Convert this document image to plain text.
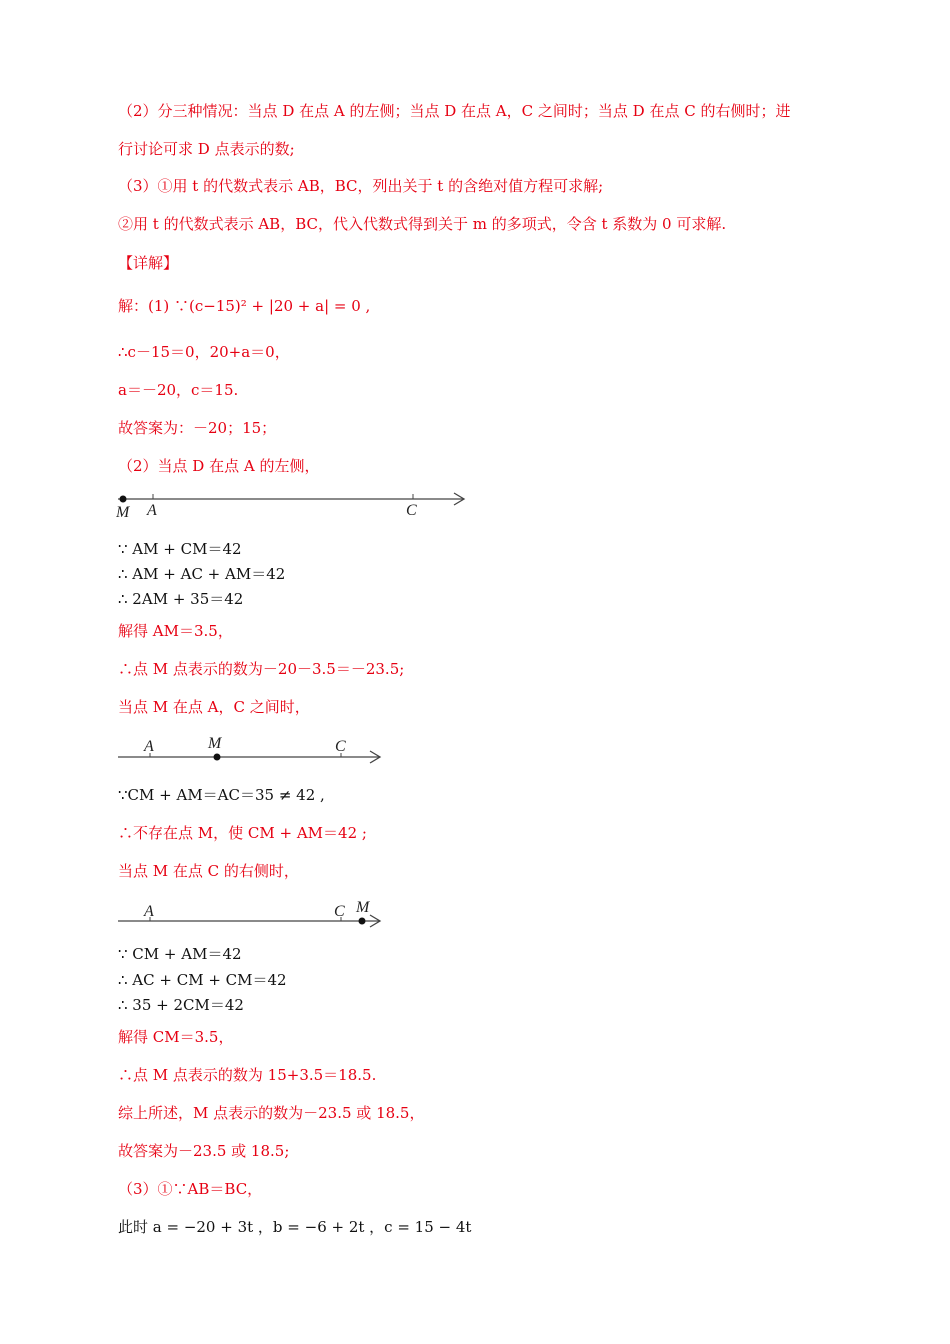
（2）分三种情况：当点 D 在点 A 的左侧；当点 D 在点 A，C 之间时；当点 D 在点 C 的右侧时；进
行讨论可求 D 点表示的数;
（3）①用 t 的代数式表示 AB，BC，列出关于 t 的含绝对值方程可求解;
②用 t 的代数式表示 AB，BC，代入代数式得到关于 m 的多项式，令含 t 系数为 0 可求解.
【详解】
解：(1) ∵(c−15)² + |20 + a| = 0 ,
∴c－15＝0，20+a＝0，
a＝－20，c＝15.
故答案为：－20；15；
（2）当点 D 在点 A 的左侧，
M A	C
∵ AM + CM＝42
∴ AM + AC + AM＝42
∴ 2AM + 35＝42
解得 AM＝3.5，
∴点 M 点表示的数为－20－3.5＝－23.5;
当点 M 在点 A，C 之间时，
A	M	C
∵CM + AM＝AC＝35 ≠ 42 ,
∴不存在点 M，使 CM + AM＝42 ;
当点 M 在点 C 的右侧时，
A	C M
∵ CM + AM＝42
∴ AC + CM + CM＝42
∴ 35 + 2CM＝42
解得 CM＝3.5，
∴点 M 点表示的数为 15+3.5＝18.5.
综上所述，M 点表示的数为－23.5 或 18.5，
故答案为－23.5 或 18.5;
（3）①∵AB＝BC，
此时 a = −20 + 3t ，b = −6 + 2t ，c = 15 − 4t
